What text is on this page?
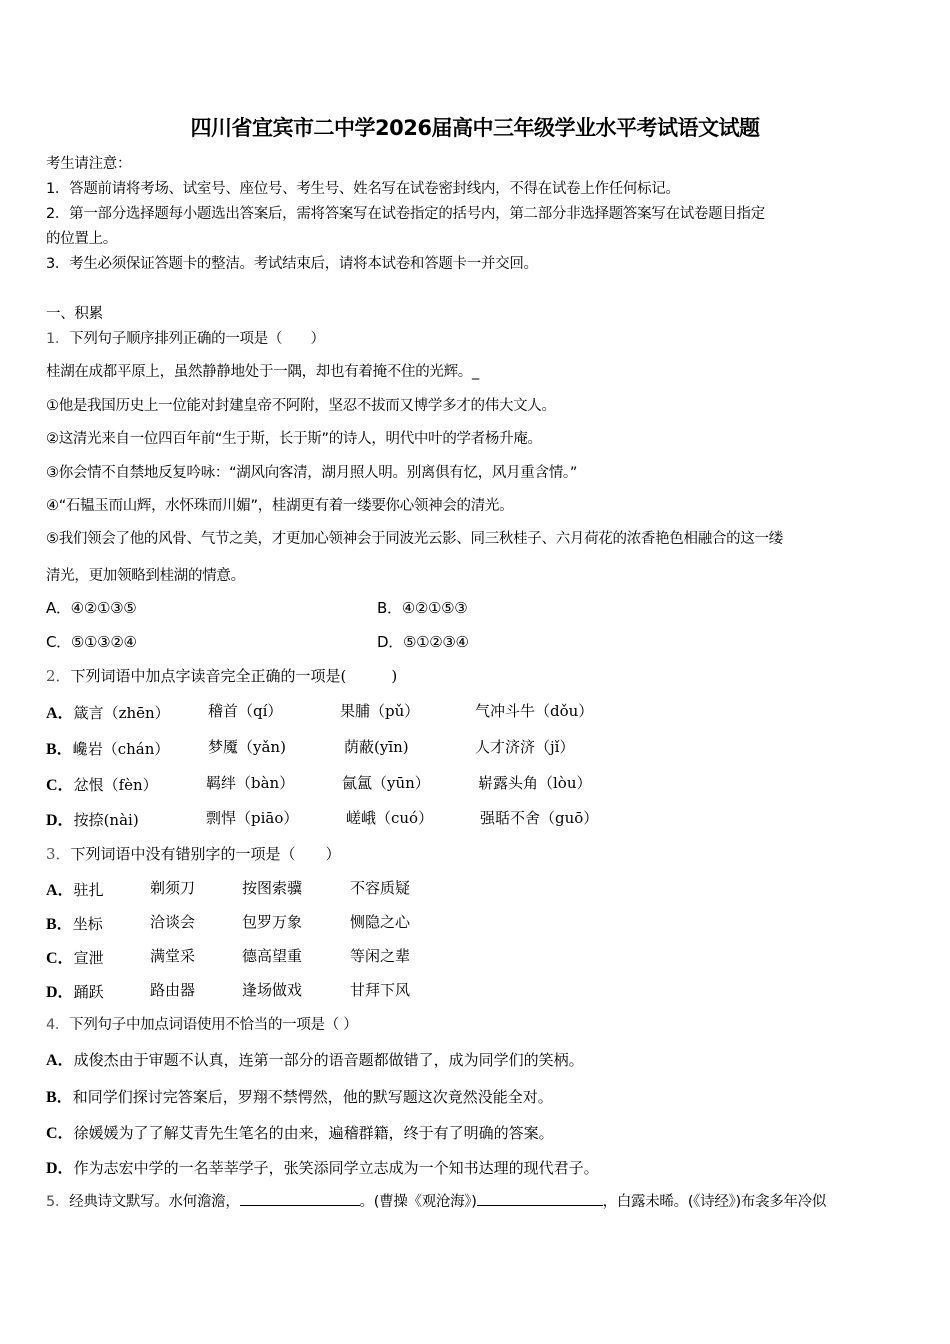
四川省宜宾市二中学2026届高中三年级学业水平考试语文试题
考生请注意：
1．答题前请将考场、试室号、座位号、考生号、姓名写在试卷密封线内，不得在试卷上作任何标记。
2．第一部分选择题每小题选出答案后，需将答案写在试卷指定的括号内，第二部分非选择题答案写在试卷题目指定
的位置上。
3．考生必须保证答题卡的整洁。考试结束后，请将本试卷和答题卡一并交回。
一、积累
1．下列句子顺序排列正确的一项是（　　）
桂湖在成都平原上，虽然静静地处于一隅，却也有着掩不住的光辉。_
①他是我国历史上一位能对封建皇帝不阿附，坚忍不拔而又博学多才的伟大文人。
②这清光来自一位四百年前“生于斯，长于斯”的诗人，明代中叶的学者杨升庵。
③你会情不自禁地反复吟咏：“湖风向客清，湖月照人明。别离俱有忆，风月重含情。”
④“石韫玉而山辉，水怀珠而川媚”，桂湖更有着一缕要你心领神会的清光。
⑤我们领会了他的风骨、气节之美，才更加心领神会于同波光云影、同三秋桂子、六月荷花的浓香艳色相融合的这一缕
清光，更加领略到桂湖的情意。
A．④②①③⑤	B．④②①⑤③
C．⑤①③②④	D．⑤①②③④
2．下列词语中加点字读音完全正确的一项是(　　　)
A．箴言（zhēn）	稽首（qí）	果脯（pǔ）	气冲斗牛（dǒu）
B．巉岩（chán）	梦魇（yǎn)	荫蔽(yīn)	人才济济（jǐ）
C．忿恨（fèn）	羁绊（bàn）	氤氲（yūn）	崭露头角（lòu）
D．按捺(nài)	剽悍（piāo）	嵯峨（cuó）	强聒不舍（guō）
3．下列词语中没有错别字的一项是（　　）
A．驻扎	剃须刀	按图索骥	不容质疑
B．坐标	洽谈会	包罗万象	恻隐之心
C．宣泄	满堂采	德高望重	等闲之辈
D．踊跃	路由器	逢场做戏	甘拜下风
4．下列句子中加点词语使用不恰当的一项是（ ）
A．成俊杰由于审题不认真，连第一部分的语音题都做错了，成为同学们的笑柄。
B．和同学们探讨完答案后，罗翔不禁愕然，他的默写题这次竟然没能全对。
C．徐媛媛为了了解艾青先生笔名的由来，遍稽群籍，终于有了明确的答案。
D．作为志宏中学的一名莘莘学子，张笑添同学立志成为一个知书达理的现代君子。
5．经典诗文默写。水何澹澹，	。(曹操《观沧海》)	，白露未晞。(《诗经》)布衾多年冷似
